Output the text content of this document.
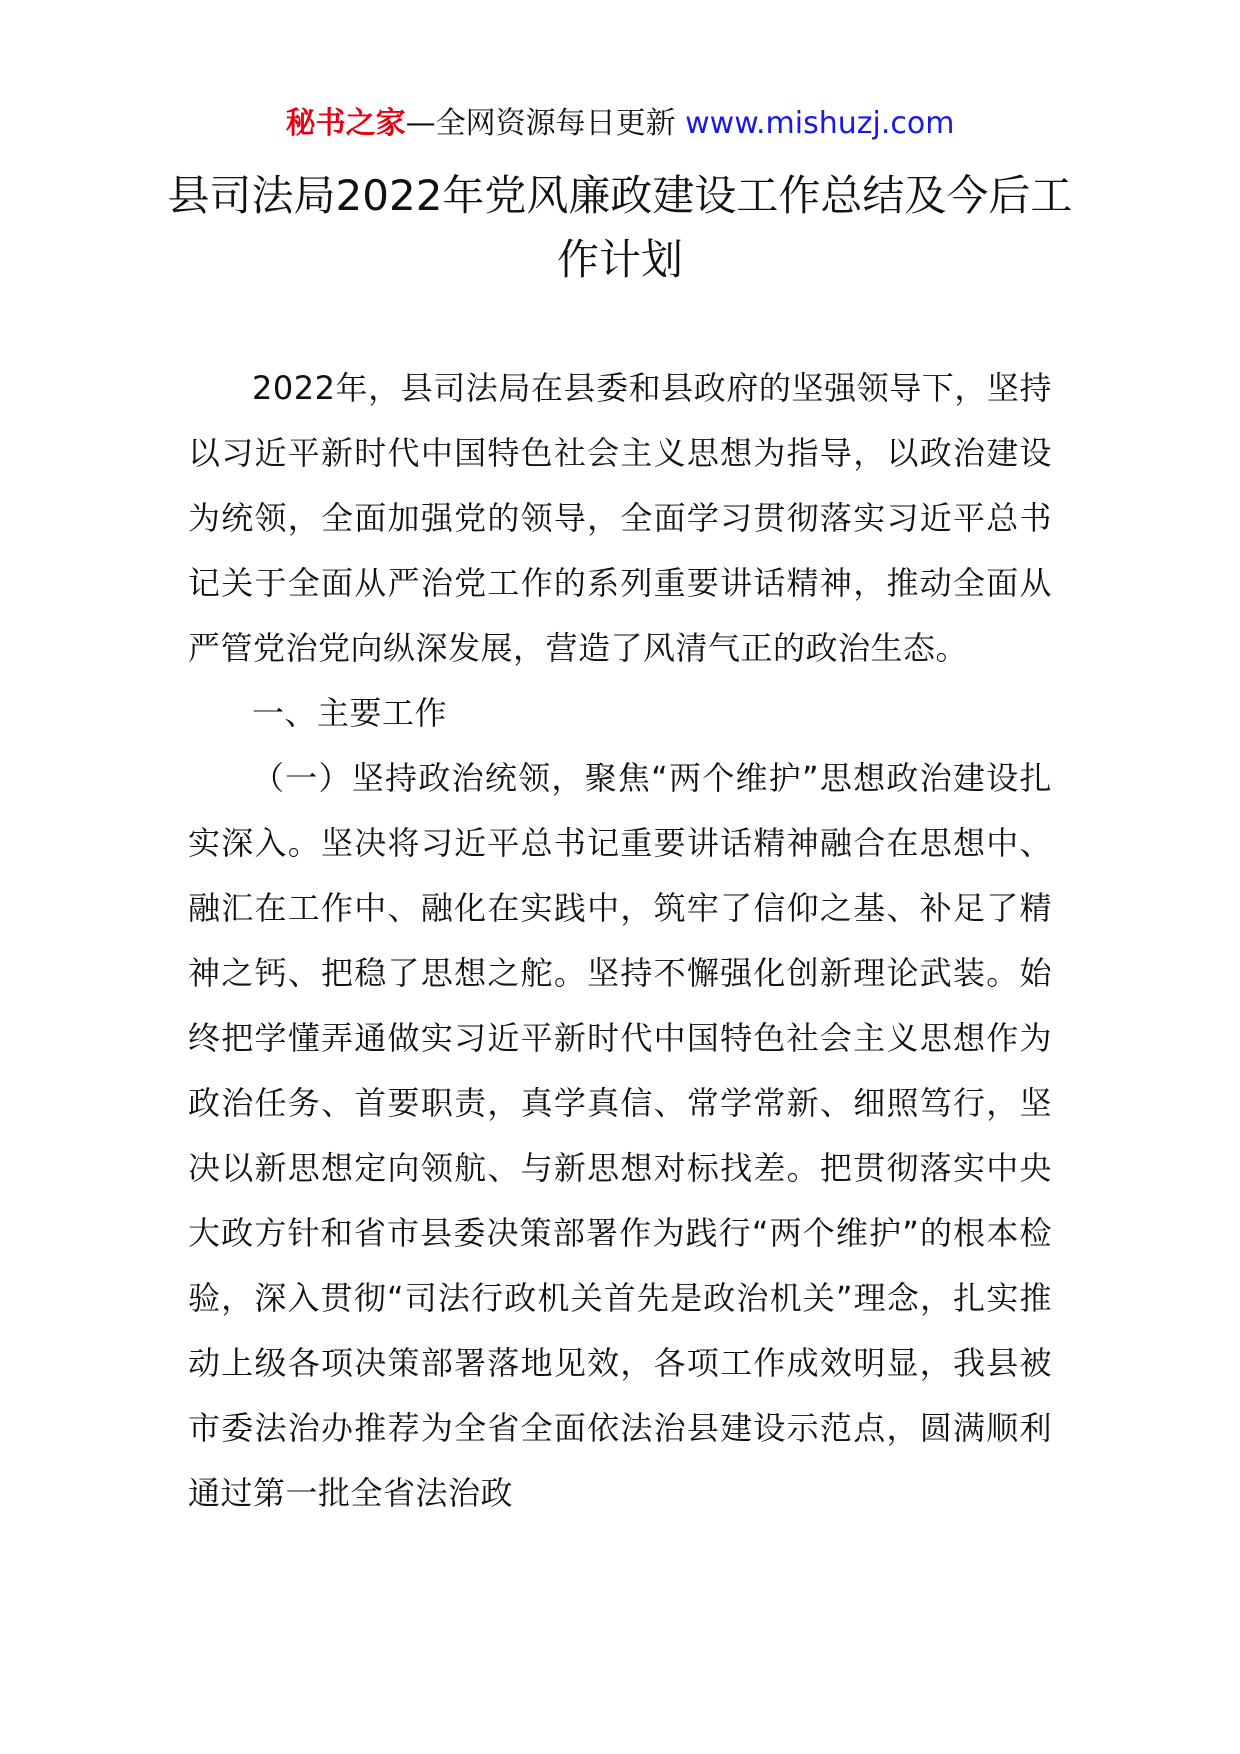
秘书之家—全网资源每日更新 www.mishuzj.com
县司法局2022年党风廉政建设工作总结及今后工作计划

2022年，县司法局在县委和县政府的坚强领导下，坚持以习近平新时代中国特色社会主义思想为指导，以政治建设为统领，全面加强党的领导，全面学习贯彻落实习近平总书记关于全面从严治党工作的系列重要讲话精神，推动全面从严管党治党向纵深发展，营造了风清气正的政治生态。

一、主要工作

（一）坚持政治统领，聚焦“两个维护”思想政治建设扎实深入。坚决将习近平总书记重要讲话精神融合在思想中、融汇在工作中、融化在实践中，筑牢了信仰之基、补足了精神之钙、把稳了思想之舵。坚持不懈强化创新理论武装。始终把学懂弄通做实习近平新时代中国特色社会主义思想作为政治任务、首要职责，真学真信、常学常新、细照笃行，坚决以新思想定向领航、与新思想对标找差。把贯彻落实中央大政方针和省市县委决策部署作为践行“两个维护”的根本检验，深入贯彻“司法行政机关首先是政治机关”理念，扎实推动上级各项决策部署落地见效，各项工作成效明显，我县被市委法治办推荐为全省全面依法治县建设示范点，圆满顺利通过第一批全省法治政
